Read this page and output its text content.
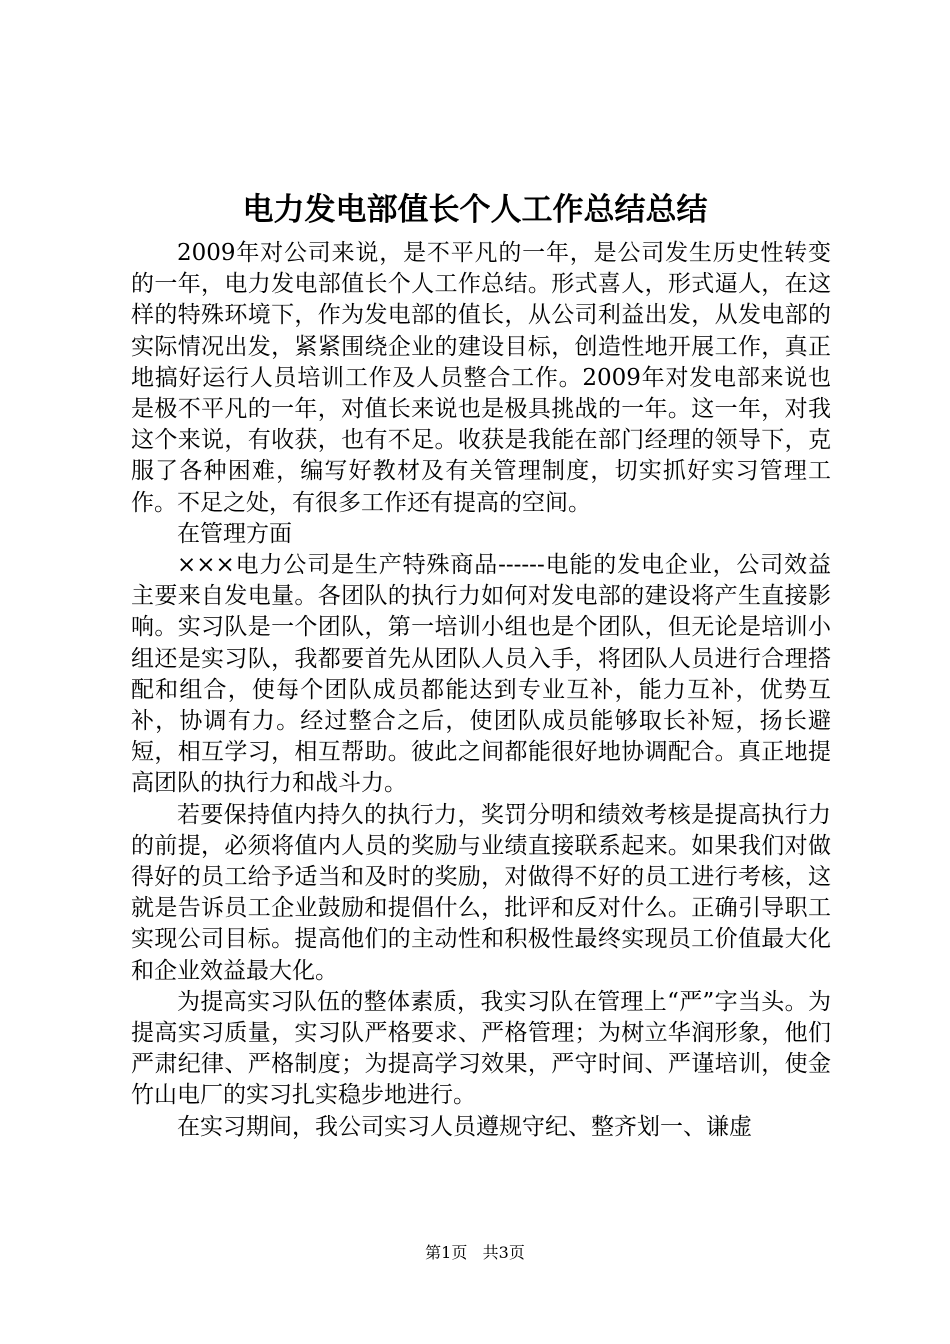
电力发电部值长个人工作总结总结

2009年对公司来说，是不平凡的一年，是公司发生历史性转变的一年，电力发电部值长个人工作总结。形式喜人，形式逼人，在这样的特殊环境下，作为发电部的值长，从公司利益出发，从发电部的实际情况出发，紧紧围绕企业的建设目标，创造性地开展工作，真正地搞好运行人员培训工作及人员整合工作。2009年对发电部来说也是极不平凡的一年，对值长来说也是极具挑战的一年。这一年，对我这个来说，有收获，也有不足。收获是我能在部门经理的领导下，克服了各种困难，编写好教材及有关管理制度，切实抓好实习管理工作。不足之处，有很多工作还有提高的空间。

在管理方面

×××电力公司是生产特殊商品------电能的发电企业，公司效益主要来自发电量。各团队的执行力如何对发电部的建设将产生直接影响。实习队是一个团队，第一培训小组也是个团队，但无论是培训小组还是实习队，我都要首先从团队人员入手，将团队人员进行合理搭配和组合，使每个团队成员都能达到专业互补，能力互补，优势互补，协调有力。经过整合之后，使团队成员能够取长补短，扬长避短，相互学习，相互帮助。彼此之间都能很好地协调配合。真正地提高团队的执行力和战斗力。

若要保持值内持久的执行力，奖罚分明和绩效考核是提高执行力的前提，必须将值内人员的奖励与业绩直接联系起来。如果我们对做得好的员工给予适当和及时的奖励，对做得不好的员工进行考核，这就是告诉员工企业鼓励和提倡什么，批评和反对什么。正确引导职工实现公司目标。提高他们的主动性和积极性最终实现员工价值最大化和企业效益最大化。

为提高实习队伍的整体素质，我实习队在管理上“严”字当头。为提高实习质量，实习队严格要求、严格管理；为树立华润形象，他们严肃纪律、严格制度；为提高学习效果，严守时间、严谨培训，使金竹山电厂的实习扎实稳步地进行。

在实习期间，我公司实习人员遵规守纪、整齐划一、谦虚

第1页 共3页
